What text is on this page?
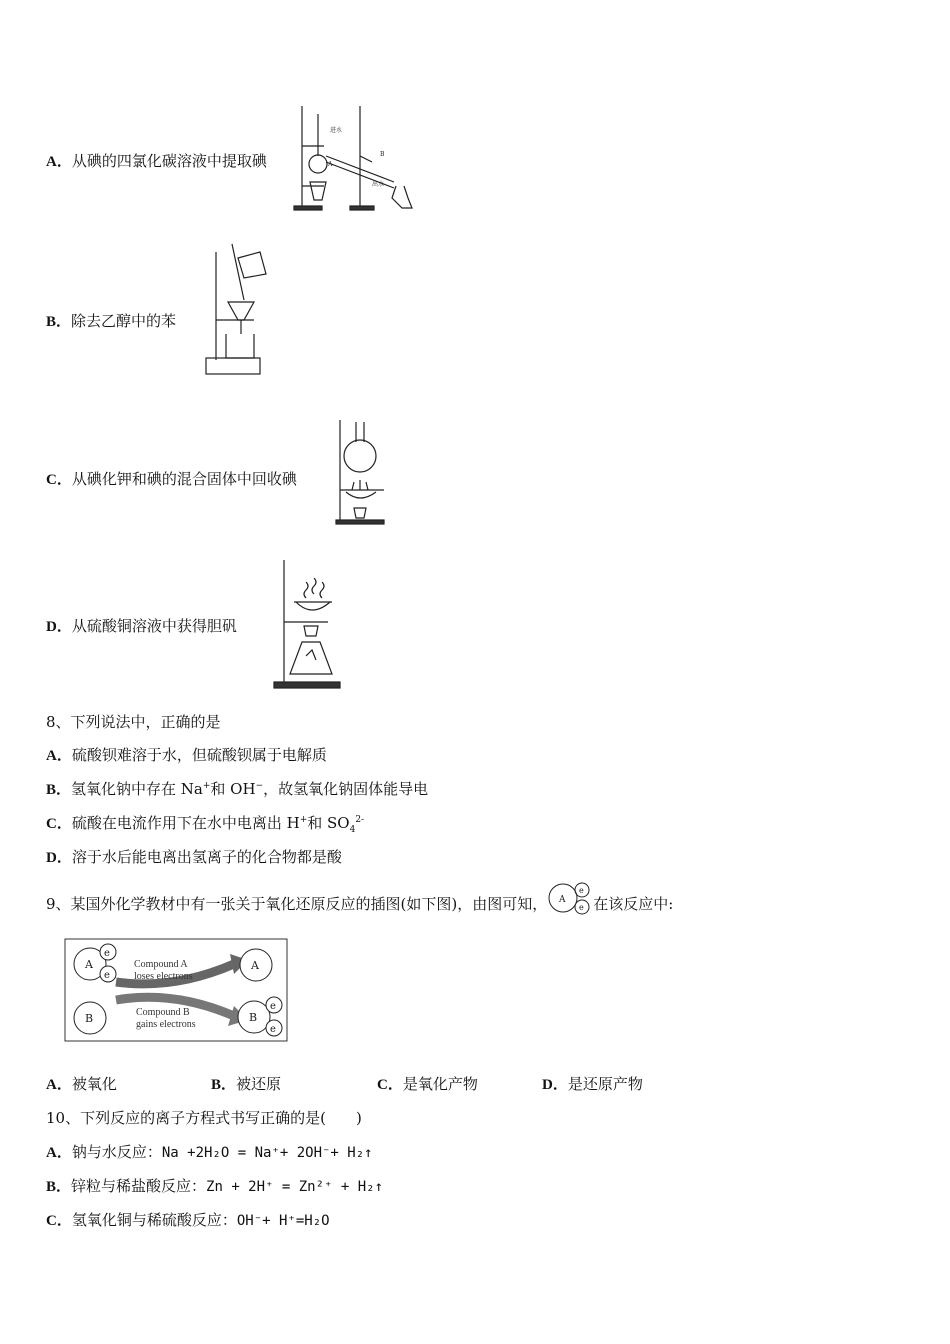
A．从碘的四氯化碳溶液中提取碘
进水
出水
A
B
B．除去乙醇中的苯
C．从碘化钾和碘的混合固体中回收碘
D．从硫酸铜溶液中获得胆矾
8、下列说法中，正确的是
A．硫酸钡难溶于水，但硫酸钡属于电解质
B．氢氧化钠中存在 Na+和 OH−，故氢氧化钠固体能导电
C．硫酸在电流作用下在水中电离出 H+和 $SO_4^{2-}$
D．溶于水后能电离出氢离子的化合物都是酸
9、某国外化学教材中有一张关于氧化还原反应的插图(如下图)，由图可知， A
e
e 在该反应中:
A
e
e
A
B	B
e
e
Compound A
loses electrons
Compound B
gains electrons
A．被氧化	B．被还原	C．是氧化产物	D．是还原产物
10、下列反应的离子方程式书写正确的是(　　)
A．钠与水反应：Na +2H₂O = Na⁺+ 2OH⁻+ H₂↑
B．锌粒与稀盐酸反应：Zn + 2H⁺ = Zn²⁺ + H₂↑
C．氢氧化铜与稀硫酸反应：OH⁻+ H⁺=H₂O
